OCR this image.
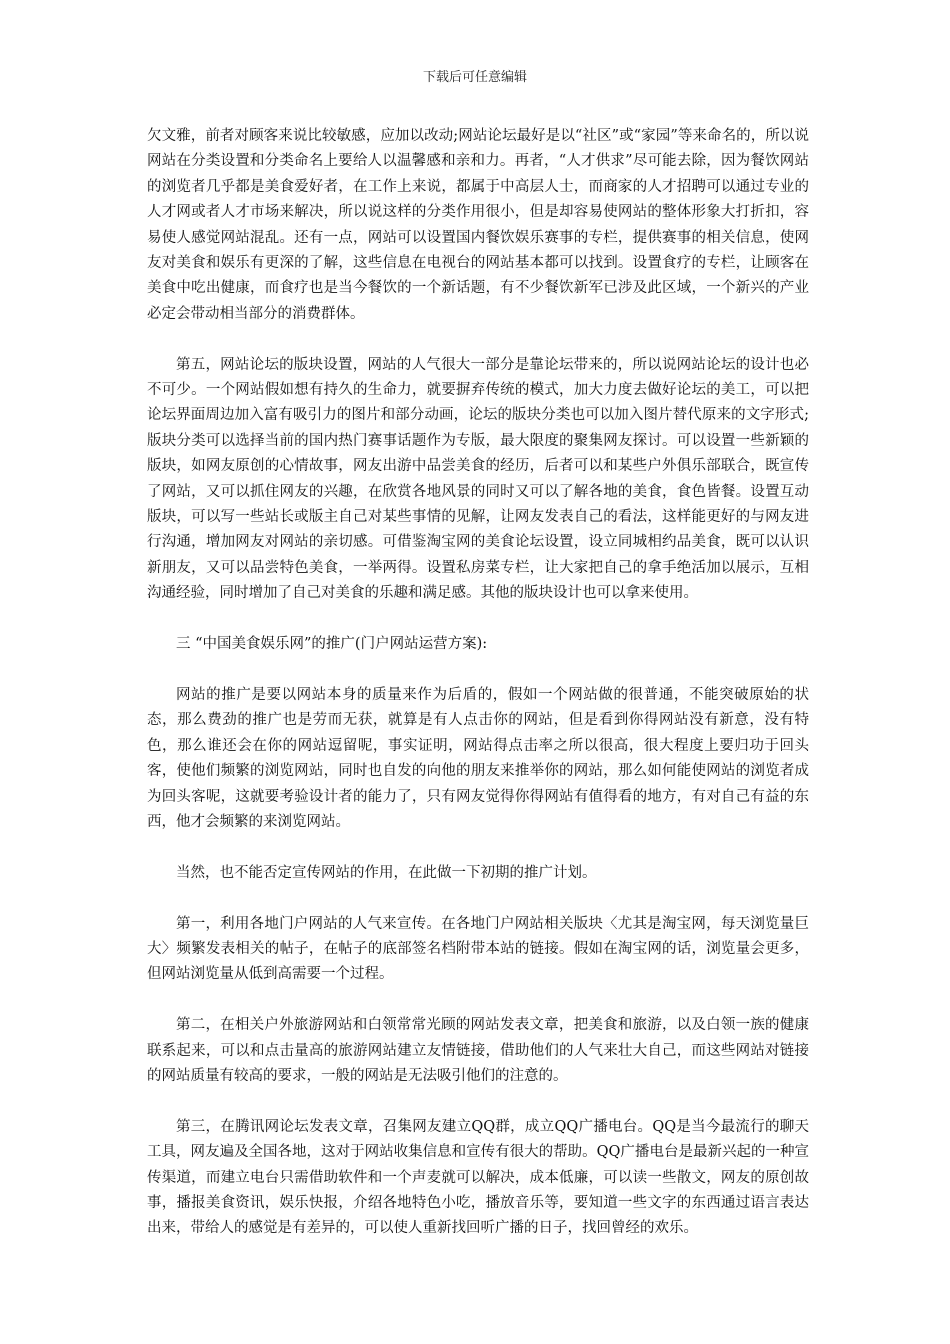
下载后可任意编辑

欠文雅，前者对顾客来说比较敏感，应加以改动;网站论坛最好是以“社区”或“家园”等来命名的，所以说网站在分类设置和分类命名上要给人以温馨感和亲和力。再者，“人才供求”尽可能去除，因为餐饮网站的浏览者几乎都是美食爱好者，在工作上来说，都属于中高层人士，而商家的人才招聘可以通过专业的人才网或者人才市场来解决，所以说这样的分类作用很小，但是却容易使网站的整体形象大打折扣，容易使人感觉网站混乱。还有一点，网站可以设置国内餐饮娱乐赛事的专栏，提供赛事的相关信息，使网友对美食和娱乐有更深的了解，这些信息在电视台的网站基本都可以找到。设置食疗的专栏，让顾客在美食中吃出健康，而食疗也是当今餐饮的一个新话题，有不少餐饮新军已涉及此区域，一个新兴的产业必定会带动相当部分的消费群体。

第五，网站论坛的版块设置，网站的人气很大一部分是靠论坛带来的，所以说网站论坛的设计也必不可少。一个网站假如想有持久的生命力，就要摒弃传统的模式，加大力度去做好论坛的美工，可以把论坛界面周边加入富有吸引力的图片和部分动画，论坛的版块分类也可以加入图片替代原来的文字形式;版块分类可以选择当前的国内热门赛事话题作为专版，最大限度的聚集网友探讨。可以设置一些新颖的版块，如网友原创的心情故事，网友出游中品尝美食的经历，后者可以和某些户外俱乐部联合，既宣传了网站，又可以抓住网友的兴趣，在欣赏各地风景的同时又可以了解各地的美食，食色皆餐。设置互动版块，可以写一些站长或版主自己对某些事情的见解，让网友发表自己的看法，这样能更好的与网友进行沟通，增加网友对网站的亲切感。可借鉴淘宝网的美食论坛设置，设立同城相约品美食，既可以认识新朋友，又可以品尝特色美食，一举两得。设置私房菜专栏，让大家把自己的拿手绝活加以展示，互相沟通经验，同时增加了自己对美食的乐趣和满足感。其他的版块设计也可以拿来使用。

三 “中国美食娱乐网”的推广(门户网站运营方案):

网站的推广是要以网站本身的质量来作为后盾的，假如一个网站做的很普通，不能突破原始的状态，那么费劲的推广也是劳而无获，就算是有人点击你的网站，但是看到你得网站没有新意，没有特色，那么谁还会在你的网站逗留呢，事实证明，网站得点击率之所以很高，很大程度上要归功于回头客，使他们频繁的浏览网站，同时也自发的向他的朋友来推举你的网站，那么如何能使网站的浏览者成为回头客呢，这就要考验设计者的能力了，只有网友觉得你得网站有值得看的地方，有对自己有益的东西，他才会频繁的来浏览网站。

当然，也不能否定宣传网站的作用，在此做一下初期的推广计划。

第一，利用各地门户网站的人气来宣传。在各地门户网站相关版块〈尤其是淘宝网，每天浏览量巨大〉频繁发表相关的帖子，在帖子的底部签名档附带本站的链接。假如在淘宝网的话，浏览量会更多，但网站浏览量从低到高需要一个过程。

第二，在相关户外旅游网站和白领常常光顾的网站发表文章，把美食和旅游，以及白领一族的健康联系起来，可以和点击量高的旅游网站建立友情链接，借助他们的人气来壮大自己，而这些网站对链接的网站质量有较高的要求，一般的网站是无法吸引他们的注意的。

第三，在腾讯网论坛发表文章，召集网友建立QQ群，成立QQ广播电台。QQ是当今最流行的聊天工具，网友遍及全国各地，这对于网站收集信息和宣传有很大的帮助。QQ广播电台是最新兴起的一种宣传渠道，而建立电台只需借助软件和一个声麦就可以解决，成本低廉，可以读一些散文，网友的原创故事，播报美食资讯，娱乐快报，介绍各地特色小吃，播放音乐等，要知道一些文字的东西通过语言表达出来，带给人的感觉是有差异的，可以使人重新找回听广播的日子，找回曾经的欢乐。
